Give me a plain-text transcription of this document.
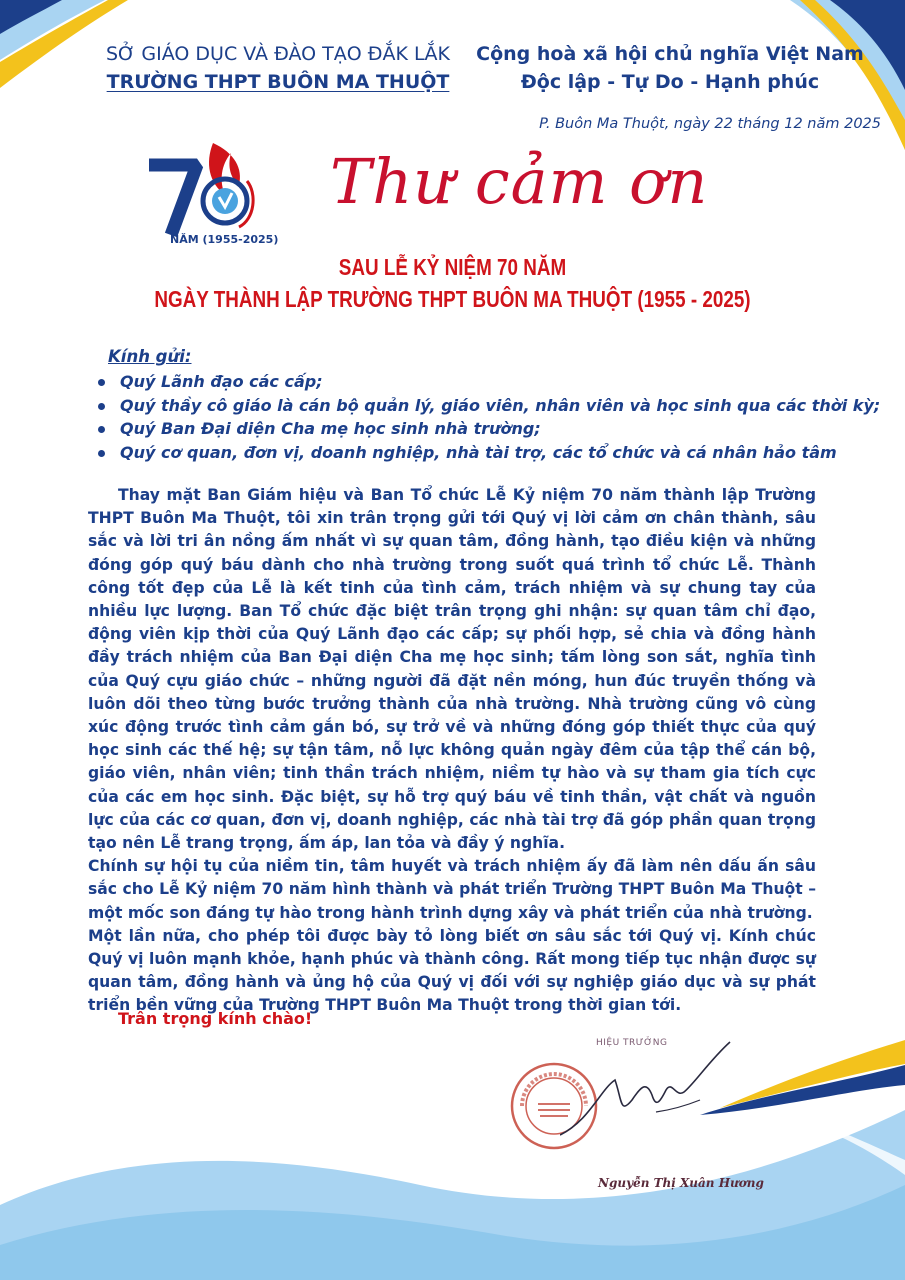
SỞ GIÁO DỤC VÀ ĐÀO TẠO ĐẮK LẮK
TRƯỜNG THPT BUÔN MA THUỘT
Cộng hoà xã hội chủ nghĩa Việt Nam
Độc lập - Tự Do - Hạnh phúc
P. Buôn Ma Thuột, ngày 22 tháng 12 năm 2025
NĂM (1955-2025)
Thư cảm ơn
SAU LỄ KỶ NIỆM 70 NĂM
NGÀY THÀNH LẬP TRƯỜNG THPT BUÔN MA THUỘT (1955 - 2025)
Kính gửi:
Quý Lãnh đạo các cấp;
Quý thầy cô giáo là cán bộ quản lý, giáo viên, nhân viên và học sinh qua các thời kỳ;
Quý Ban Đại diện Cha mẹ học sinh nhà trường;
Quý cơ quan, đơn vị, doanh nghiệp, nhà tài trợ, các tổ chức và cá nhân hảo tâm

Thay mặt Ban Giám hiệu và Ban Tổ chức Lễ Kỷ niệm 70 năm thành lập Trường THPT Buôn Ma Thuột, tôi xin trân trọng gửi tới Quý vị lời cảm ơn chân thành, sâu sắc và lời tri ân nồng ấm nhất vì sự quan tâm, đồng hành, tạo điều kiện và những đóng góp quý báu dành cho nhà trường trong suốt quá trình tổ chức Lễ. Thành công tốt đẹp của Lễ là kết tinh của tình cảm, trách nhiệm và sự chung tay của nhiều lực lượng. Ban Tổ chức đặc biệt trân trọng ghi nhận: sự quan tâm chỉ đạo, động viên kịp thời của Quý Lãnh đạo các cấp; sự phối hợp, sẻ chia và đồng hành đầy trách nhiệm của Ban Đại diện Cha mẹ học sinh; tấm lòng son sắt, nghĩa tình của Quý cựu giáo chức – những người đã đặt nền móng, hun đúc truyền thống và luôn dõi theo từng bước trưởng thành của nhà trường. Nhà trường cũng vô cùng xúc động trước tình cảm gắn bó, sự trở về và những đóng góp thiết thực của quý học sinh các thế hệ; sự tận tâm, nỗ lực không quản ngày đêm của tập thể cán bộ, giáo viên, nhân viên; tinh thần trách nhiệm, niềm tự hào và sự tham gia tích cực của các em học sinh. Đặc biệt, sự hỗ trợ quý báu về tinh thần, vật chất và nguồn lực của các cơ quan, đơn vị, doanh nghiệp, các nhà tài trợ đã góp phần quan trọng tạo nên Lễ trang trọng, ấm áp, lan tỏa và đầy ý nghĩa.

Chính sự hội tụ của niềm tin, tâm huyết và trách nhiệm ấy đã làm nên dấu ấn sâu sắc cho Lễ Kỷ niệm 70 năm hình thành và phát triển Trường THPT Buôn Ma Thuột – một mốc son đáng tự hào trong hành trình dựng xây và phát triển của nhà trường.

Một lần nữa, cho phép tôi được bày tỏ lòng biết ơn sâu sắc tới Quý vị. Kính chúc Quý vị luôn mạnh khỏe, hạnh phúc và thành công. Rất mong tiếp tục nhận được sự quan tâm, đồng hành và ủng hộ của Quý vị đối với sự nghiệp giáo dục và sự phát triển bền vững của Trường THPT Buôn Ma Thuột trong thời gian tới.

Trân trọng kính chào!
HIỆU TRƯỞNG
Nguyễn Thị Xuân Hương
